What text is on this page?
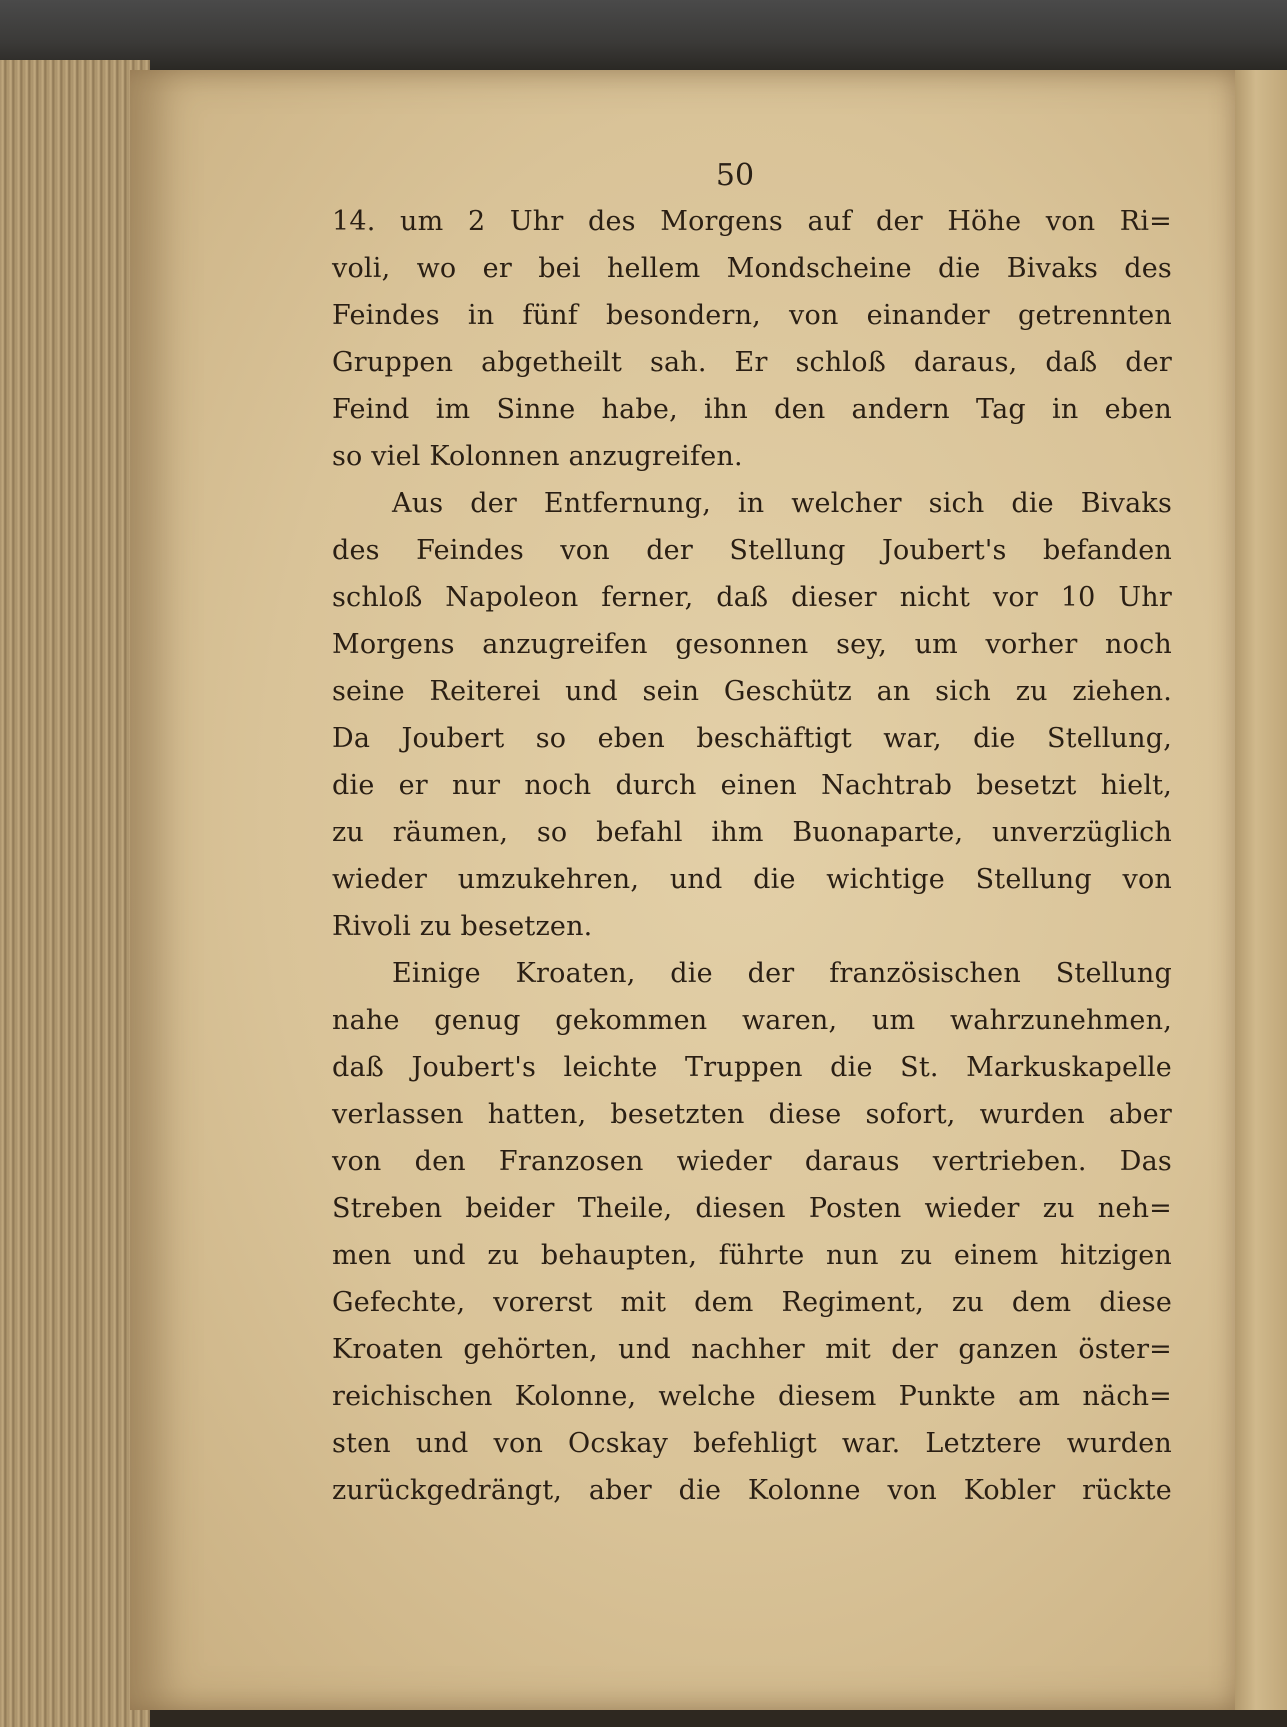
50
14. um 2 Uhr des Morgens auf der Höhe von Ri=
voli, wo er bei hellem Mondscheine die Bivaks des
Feindes in fünf besondern, von einander getrennten
Gruppen abgetheilt sah. Er schloß daraus, daß der
Feind im Sinne habe, ihn den andern Tag in eben
so viel Kolonnen anzugreifen.
Aus der Entfernung, in welcher sich die Bivaks
des Feindes von der Stellung Joubert's befanden
schloß Napoleon ferner, daß dieser nicht vor 10 Uhr
Morgens anzugreifen gesonnen sey, um vorher noch
seine Reiterei und sein Geschütz an sich zu ziehen.
Da Joubert so eben beschäftigt war, die Stellung,
die er nur noch durch einen Nachtrab besetzt hielt,
zu räumen, so befahl ihm Buonaparte, unverzüglich
wieder umzukehren, und die wichtige Stellung von
Rivoli zu besetzen.
Einige Kroaten, die der französischen Stellung
nahe genug gekommen waren, um wahrzunehmen,
daß Joubert's leichte Truppen die St. Markuskapelle
verlassen hatten, besetzten diese sofort, wurden aber
von den Franzosen wieder daraus vertrieben. Das
Streben beider Theile, diesen Posten wieder zu neh=
men und zu behaupten, führte nun zu einem hitzigen
Gefechte, vorerst mit dem Regiment, zu dem diese
Kroaten gehörten, und nachher mit der ganzen öster=
reichischen Kolonne, welche diesem Punkte am näch=
sten und von Ocskay befehligt war. Letztere wurden
zurückgedrängt, aber die Kolonne von Kobler rückte
